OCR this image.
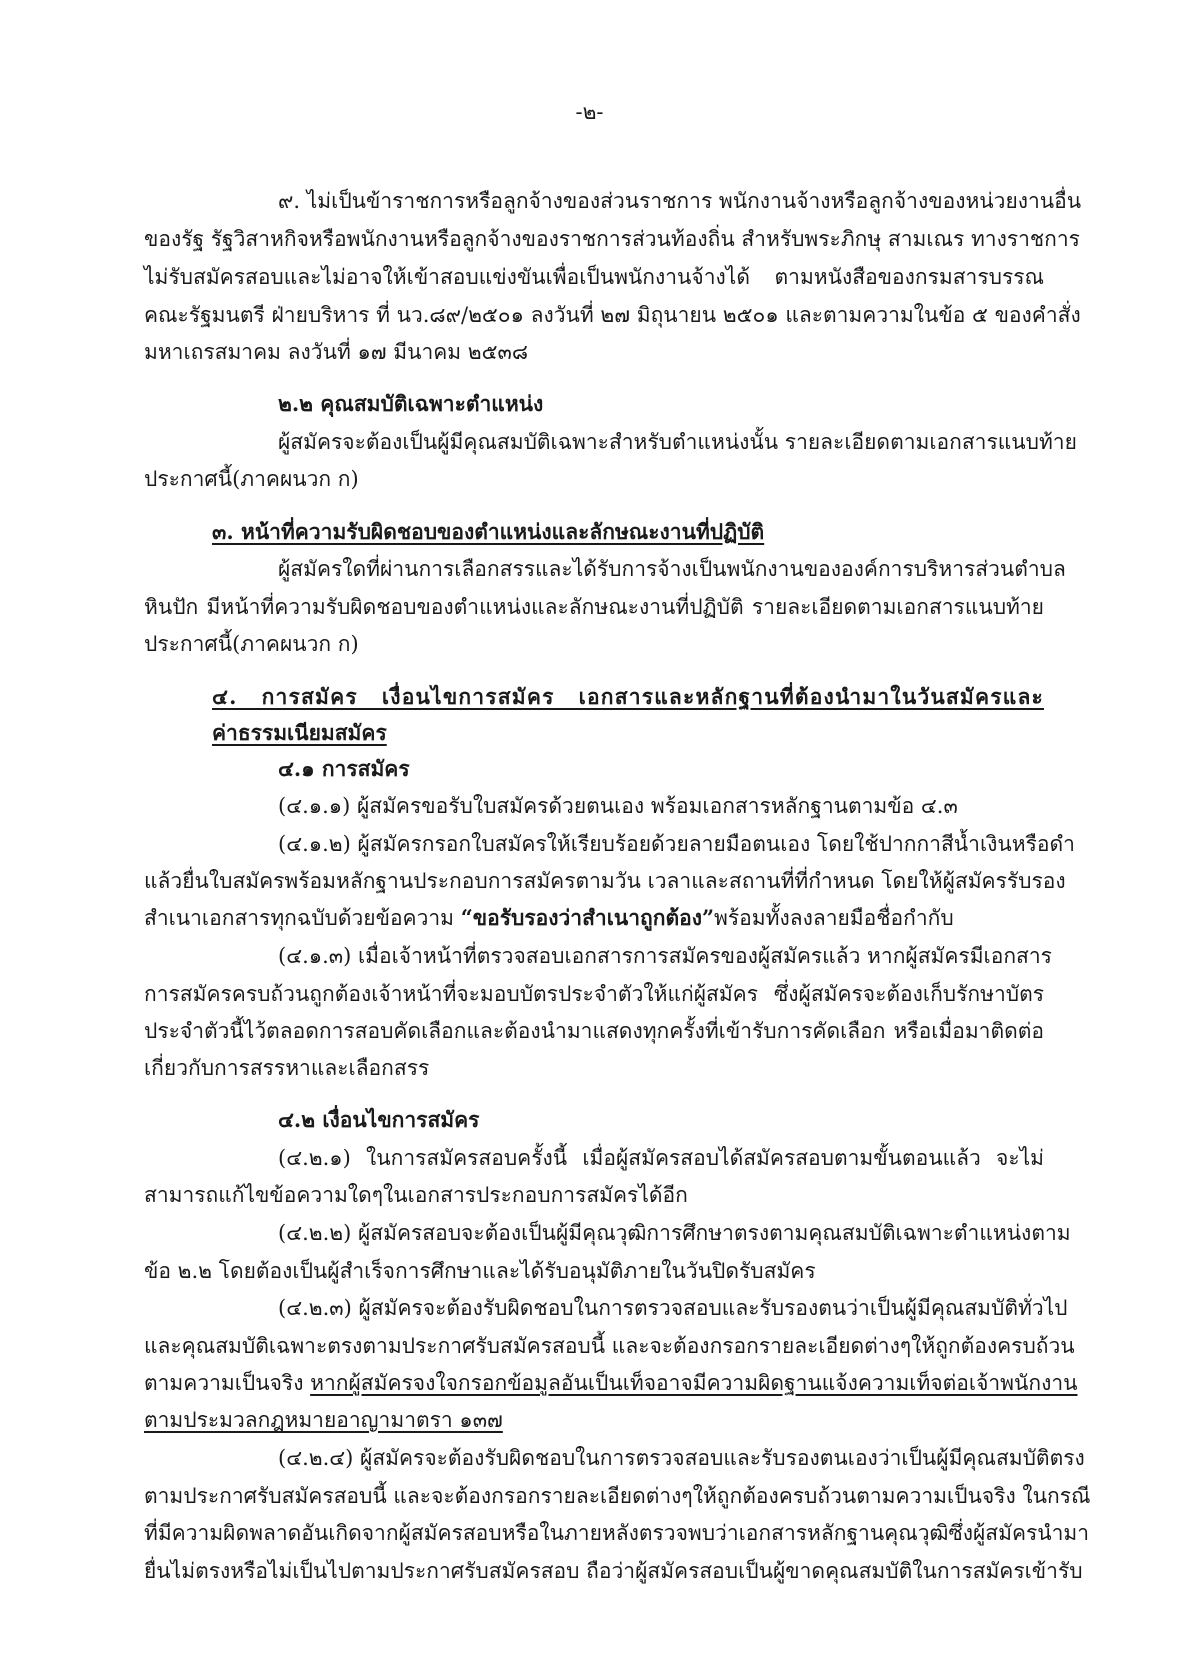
-๒-
๙. ไม่เป็นข้าราชการหรือลูกจ้างของส่วนราชการ พนักงานจ้างหรือลูกจ้างของหน่วยงานอื่น
ของรัฐ รัฐวิสาหกิจหรือพนักงานหรือลูกจ้างของราชการส่วนท้องถิ่น สำหรับพระภิกษุ สามเณร ทางราชการ
ไม่รับสมัครสอบและไม่อาจให้เข้าสอบแข่งขันเพื่อเป็นพนักงานจ้างได้ ตามหนังสือของกรมสารบรรณ
คณะรัฐมนตรี ฝ่ายบริหาร ที่ นว.๘๙/๒๕๐๑ ลงวันที่ ๒๗ มิถุนายน ๒๕๐๑ และตามความในข้อ ๕ ของคำสั่ง
มหาเถรสมาคม ลงวันที่ ๑๗ มีนาคม ๒๕๓๘
๒.๒ คุณสมบัติเฉพาะตำแหน่ง
ผู้สมัครจะต้องเป็นผู้มีคุณสมบัติเฉพาะสำหรับตำแหน่งนั้น รายละเอียดตามเอกสารแนบท้าย
ประกาศนี้(ภาคผนวก ก)
๓. หน้าที่ความรับผิดชอบของตำแหน่งและลักษณะงานที่ปฏิบัติ
ผู้สมัครใดที่ผ่านการเลือกสรรและได้รับการจ้างเป็นพนักงานขององค์การบริหารส่วนตำบล
หินปัก มีหน้าที่ความรับผิดชอบของตำแหน่งและลักษณะงานที่ปฏิบัติ รายละเอียดตามเอกสารแนบท้าย
ประกาศนี้(ภาคผนวก ก)
๔. การสมัคร เงื่อนไขการสมัคร เอกสารและหลักฐานที่ต้องนำมาในวันสมัครและ
ค่าธรรมเนียมสมัคร
๔.๑ การสมัคร
(๔.๑.๑) ผู้สมัครขอรับใบสมัครด้วยตนเอง พร้อมเอกสารหลักฐานตามข้อ ๔.๓
(๔.๑.๒) ผู้สมัครกรอกใบสมัครให้เรียบร้อยด้วยลายมือตนเอง โดยใช้ปากกาสีน้ำเงินหรือดำ
แล้วยื่นใบสมัครพร้อมหลักฐานประกอบการสมัครตามวัน เวลาและสถานที่ที่กำหนด โดยให้ผู้สมัครรับรอง
สำเนาเอกสารทุกฉบับด้วยข้อความ “ขอรับรองว่าสำเนาถูกต้อง”พร้อมทั้งลงลายมือชื่อกำกับ
(๔.๑.๓) เมื่อเจ้าหน้าที่ตรวจสอบเอกสารการสมัครของผู้สมัครแล้ว หากผู้สมัครมีเอกสาร
การสมัครครบถ้วนถูกต้องเจ้าหน้าที่จะมอบบัตรประจำตัวให้แก่ผู้สมัคร ซึ่งผู้สมัครจะต้องเก็บรักษาบัตร
ประจำตัวนี้ไว้ตลอดการสอบคัดเลือกและต้องนำมาแสดงทุกครั้งที่เข้ารับการคัดเลือก หรือเมื่อมาติดต่อ
เกี่ยวกับการสรรหาและเลือกสรร
๔.๒ เงื่อนไขการสมัคร
(๔.๒.๑) ในการสมัครสอบครั้งนี้ เมื่อผู้สมัครสอบได้สมัครสอบตามขั้นตอนแล้ว จะไม่
สามารถแก้ไขข้อความใดๆในเอกสารประกอบการสมัครได้อีก
(๔.๒.๒) ผู้สมัครสอบจะต้องเป็นผู้มีคุณวุฒิการศึกษาตรงตามคุณสมบัติเฉพาะตำแหน่งตาม
ข้อ ๒.๒ โดยต้องเป็นผู้สำเร็จการศึกษาและได้รับอนุมัติภายในวันปิดรับสมัคร
(๔.๒.๓) ผู้สมัครจะต้องรับผิดชอบในการตรวจสอบและรับรองตนว่าเป็นผู้มีคุณสมบัติทั่วไป
และคุณสมบัติเฉพาะตรงตามประกาศรับสมัครสอบนี้ และจะต้องกรอกรายละเอียดต่างๆให้ถูกต้องครบถ้วน
ตามความเป็นจริง หากผู้สมัครจงใจกรอกข้อมูลอันเป็นเท็จอาจมีความผิดฐานแจ้งความเท็จต่อเจ้าพนักงาน
ตามประมวลกฎหมายอาญามาตรา ๑๓๗
(๔.๒.๔) ผู้สมัครจะต้องรับผิดชอบในการตรวจสอบและรับรองตนเองว่าเป็นผู้มีคุณสมบัติตรง
ตามประกาศรับสมัครสอบนี้ และจะต้องกรอกรายละเอียดต่างๆให้ถูกต้องครบถ้วนตามความเป็นจริง ในกรณี
ที่มีความผิดพลาดอันเกิดจากผู้สมัครสอบหรือในภายหลังตรวจพบว่าเอกสารหลักฐานคุณวุฒิซึ่งผู้สมัครนำมา
ยื่นไม่ตรงหรือไม่เป็นไปตามประกาศรับสมัครสอบ ถือว่าผู้สมัครสอบเป็นผู้ขาดคุณสมบัติในการสมัครเข้ารับ
